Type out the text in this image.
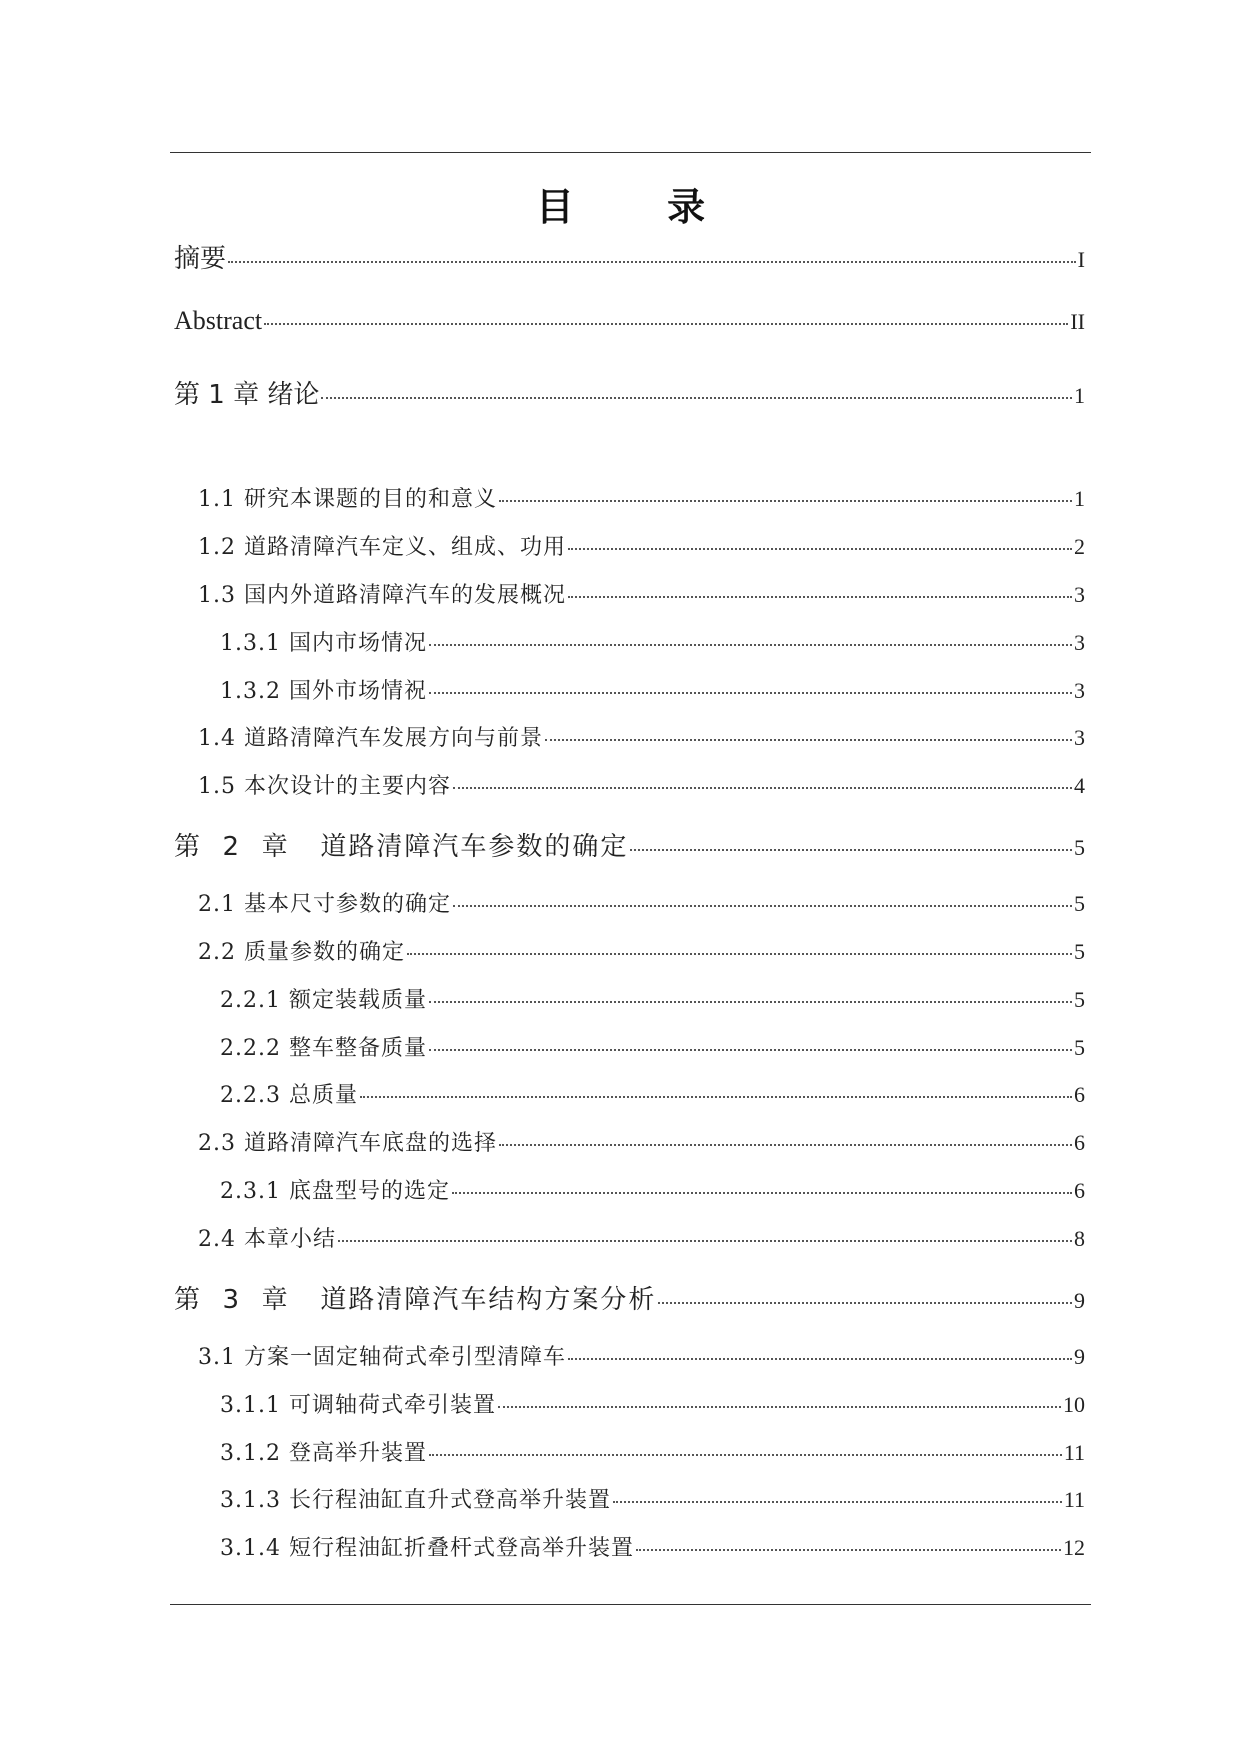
目 录
摘要	I
Abstract	II
第 1 章 绪论	1
1.1 研究本课题的目的和意义	1
1.2 道路清障汽车定义、组成、功用	2
1.3 国内外道路清障汽车的发展概况	3
1.3.1 国内市场情况	3
1.3.2 国外市场情祝	3
1.4 道路清障汽车发展方向与前景	3
1.5 本次设计的主要内容	4
第  2  章   道路清障汽车参数的确定	5
2.1 基本尺寸参数的确定	5
2.2 质量参数的确定	5
2.2.1 额定装载质量	5
2.2.2 整车整备质量	5
2.2.3 总质量	6
2.3 道路清障汽车底盘的选择	6
2.3.1 底盘型号的选定	6
2.4 本章小结	8
第  3  章   道路清障汽车结构方案分析	9
3.1 方案一固定轴荷式牵引型清障车	9
3.1.1 可调轴荷式牵引装置	10
3.1.2 登高举升装置	11
3.1.3 长行程油缸直升式登高举升装置	11
3.1.4 短行程油缸折叠杆式登高举升装置	12
